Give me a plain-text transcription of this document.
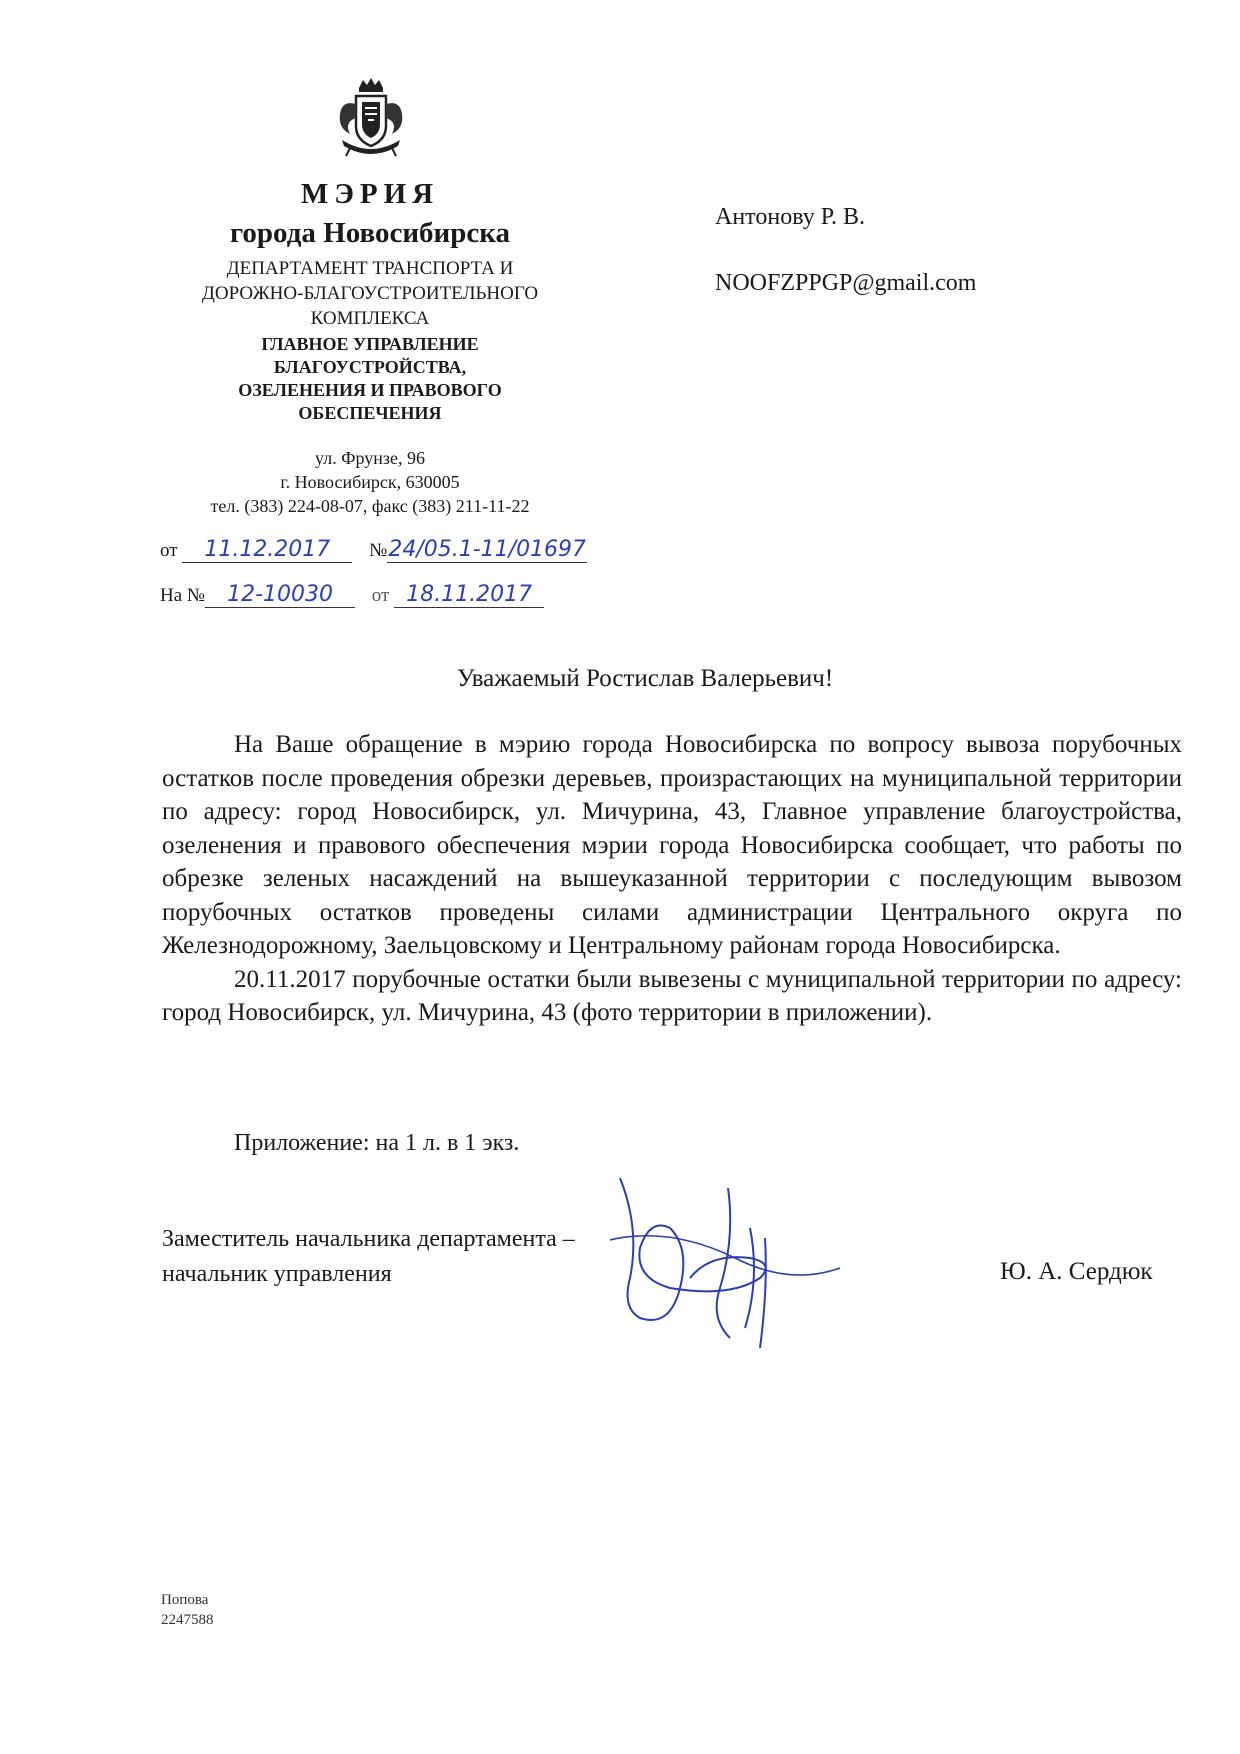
МЭРИЯ
города Новосибирска
ДЕПАРТАМЕНТ ТРАНСПОРТА И
ДОРОЖНО-БЛАГОУСТРОИТЕЛЬНОГО
КОМПЛЕКСА
ГЛАВНОЕ УПРАВЛЕНИЕ
БЛАГОУСТРОЙСТВА,
ОЗЕЛЕНЕНИЯ И ПРАВОВОГО
ОБЕСПЕЧЕНИЯ
ул. Фрунзе, 96
г. Новосибирск, 630005
тел. (383) 224-08-07, факс (383) 211-11-22
от 11.12.2017 №24/05.1-11/01697
На № 12-10030 от 18.11.2017
Антонову Р. В.
NOOFZPPGP@gmail.com
Уважаемый Ростислав Валерьевич!

На Ваше обращение в мэрию города Новосибирска по вопросу вывоза порубочных остатков после проведения обрезки деревьев, произрастающих на муниципальной территории по адресу: город Новосибирск, ул. Мичурина, 43, Главное управление благоустройства, озеленения и правового обеспечения мэрии города Новосибирска сообщает, что работы по обрезке зеленых насаждений на вышеуказанной территории с последующим вывозом порубочных остатков проведены силами администрации Центрального округа по Железнодорожному, Заельцовскому и Центральному районам города Новосибирска.

20.11.2017 порубочные остатки были вывезены с муниципальной территории по адресу: город Новосибирск, ул. Мичурина, 43 (фото территории в приложении).

Приложение: на 1 л. в 1 экз.
Заместитель начальника департамента –
начальник управления	Ю. А. Сердюк
Попова
2247588
